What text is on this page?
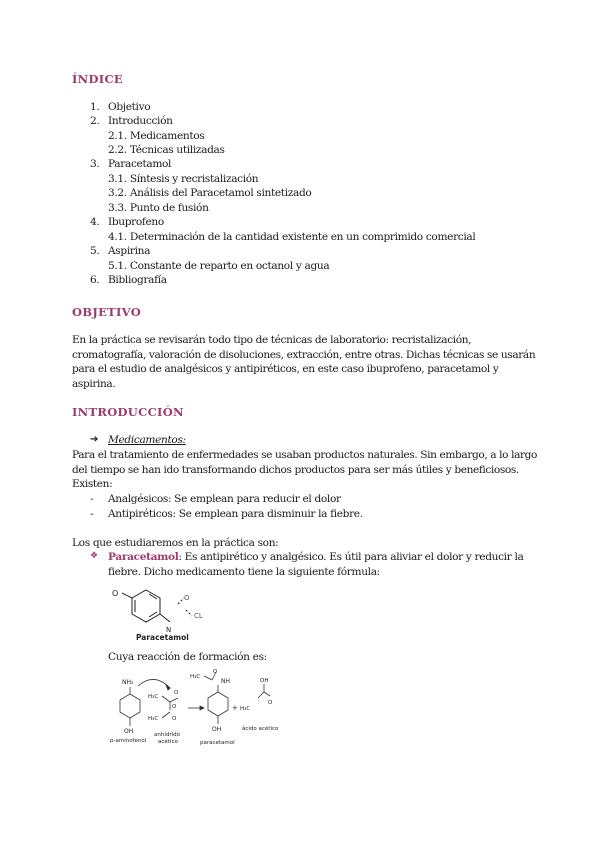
ÍNDICE
1. Objetivo
2. Introducción
2.1. Medicamentos
2.2. Técnicas utilizadas
3. Paracetamol
3.1. Síntesis y recristalización
3.2. Análisis del Paracetamol sintetizado
3.3. Punto de fusión
4. Ibuprofeno
4.1. Determinación de la cantidad existente en un comprimido comercial
5. Aspirina
5.1. Constante de reparto en octanol y agua
6. Bibliografía
OBJETIVO
En la práctica se revisarán todo tipo de técnicas de laboratorio: recristalización,
cromatografía, valoración de disoluciones, extracción, entre otras. Dichas técnicas se usarán
para el estudio de analgésicos y antipiréticos, en este caso ibuprofeno, paracetamol y
aspirina.
INTRODUCCIÓN
➔ Medicamentos:
Para el tratamiento de enfermedades se usaban productos naturales. Sin embargo, a lo largo
del tiempo se han ido transformando dichos productos para ser más útiles y beneficiosos.
Existen:
- Analgésicos: Se emplean para reducir el dolor
- Antipiréticos: Se emplean para disminuir la fiebre.
Los que estudiaremos en la práctica son:
❖ Paracetamol: Es antipirético y analgésico. Es útil para aliviar el dolor y reducir la
fiebre. Dicho medicamento tiene la siguiente fórmula:
O	O
CL
N
Paracetamol
Cuya reacción de formación es:
NH₂
OH
p-aminofenol
H₃C
H₃C
O
O
O
anhídrido
acético
NH
H₃C
O
OH
paracetamol
+ H₃C
OH
O
ácido acético
